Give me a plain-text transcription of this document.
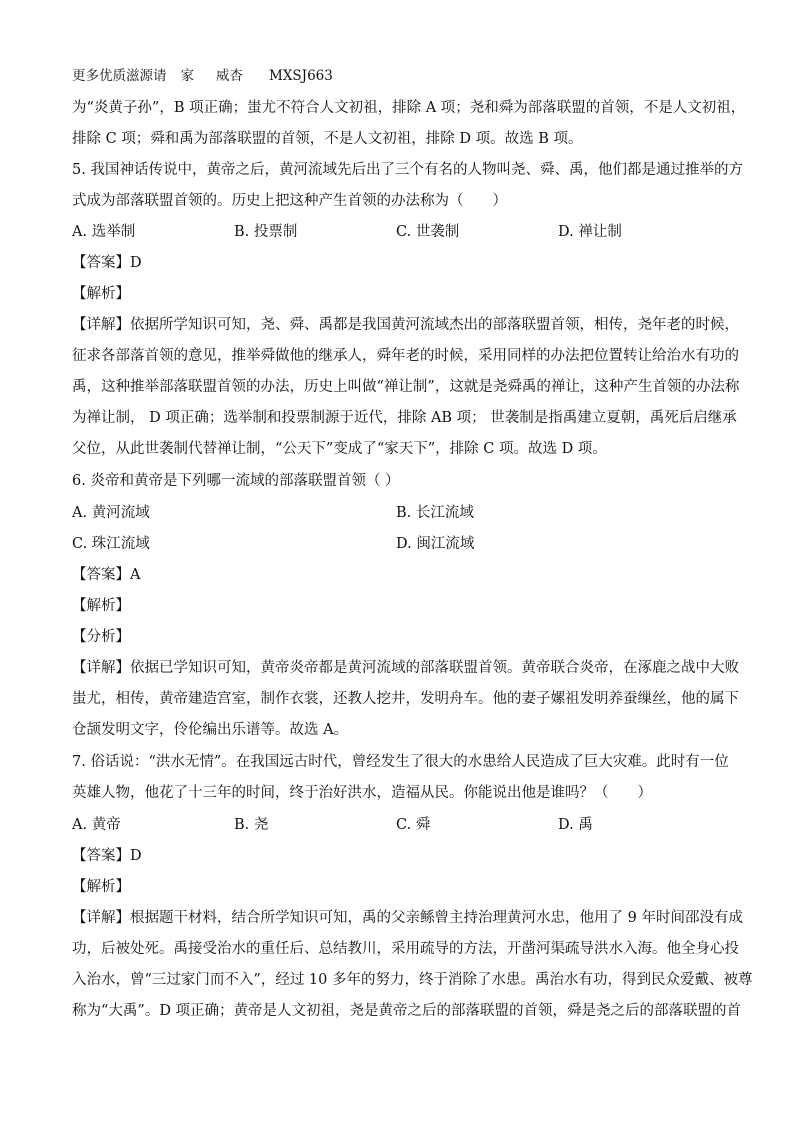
更多优质滋源请 家 威杏 MXSJ663
为“炎黄子孙”，B 项正确；蚩尤不符合人文初祖，排除 A 项；尧和舜为部落联盟的首领，不是人文初祖，
排除 C 项；舜和禹为部落联盟的首领，不是人文初祖，排除 D 项。故选 B 项。
5. 我国神话传说中，黄帝之后，黄河流域先后出了三个有名的人物叫尧、舜、禹，他们都是通过推举的方
式成为部落联盟首领的。历史上把这种产生首领的办法称为（　　）
A. 选举制	B. 投票制	C. 世袭制	D. 禅让制
【答案】D
【解析】
【详解】依据所学知识可知，尧、舜、禹都是我国黄河流域杰出的部落联盟首领，相传，尧年老的时候，
征求各部落首领的意见，推举舜做他的继承人，舜年老的时候，采用同样的办法把位置转让给治水有功的
禹，这种推举部落联盟首领的办法，历史上叫做“禅让制”，这就是尧舜禹的禅让，这种产生首领的办法称
为禅让制， D 项正确；选举制和投票制源于近代，排除 AB 项； 世袭制是指禹建立夏朝，禹死后启继承
父位，从此世袭制代替禅让制，“公天下”变成了“家天下”，排除 C 项。故选 D 项。
6. 炎帝和黄帝是下列哪一流域的部落联盟首领（ ）
A. 黄河流域	B. 长江流域
C. 珠江流域	D. 闽江流域
【答案】A
【解析】
【分析】
【详解】依据已学知识可知，黄帝炎帝都是黄河流域的部落联盟首领。黄帝联合炎帝，在涿鹿之战中大败
蚩尤，相传，黄帝建造宫室，制作衣裳，还教人挖井，发明舟车。他的妻子嫘祖发明养蚕缫丝，他的属下
仓颉发明文字，伶伦编出乐谱等。故选 A。
7. 俗话说：“洪水无情”。在我国远古时代，曾经发生了很大的水患给人民造成了巨大灾难。此时有一位
英雄人物，他花了十三年的时间，终于治好洪水，造福从民。你能说出他是谁吗？（　　）
A. 黄帝	B. 尧	C. 舜	D. 禹
【答案】D
【解析】
【详解】根据题干材料，结合所学知识可知，禹的父亲鲧曾主持治理黄河水忠，他用了 9 年时间邵没有成
功，后被处死。禹接受治水的重任后、总结教川，采用疏导的方法，开凿河渠疏导洪水入海。他全身心投
入治水，曾“三过家门而不入”，经过 10 多年的努力，终于消除了水患。禹治水有功，得到民众爱戴、被尊
称为“大禹”。D 项正确；黄帝是人文初祖，尧是黄帝之后的部落联盟的首领，舜是尧之后的部落联盟的首
